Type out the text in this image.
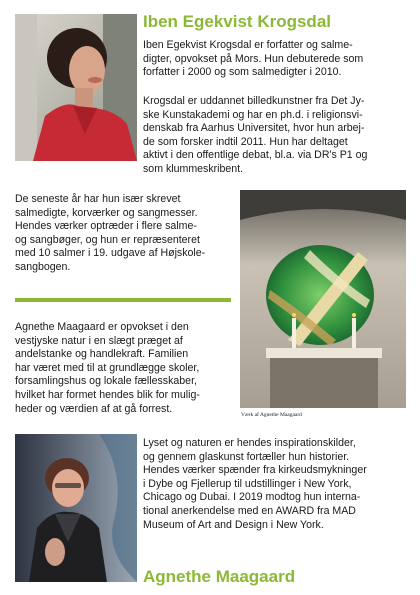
Iben Egekvist Krogsdal
Iben Egekvist Krogsdal er forfatter og salme-
digter, opvokset på Mors. Hun debuterede som
forfatter i 2000 og som salmedigter i 2010.
Krogsdal er uddannet billedkunstner fra Det Jy-
ske Kunstakademi og har en ph.d. i religionsvi-
denskab fra Aarhus Universitet, hvor hun arbej-
de som forsker indtil 2011. Hun har deltaget
aktivt i den offentlige debat, bl.a. via DR's P1 og
som klummeskribent.
De seneste år har hun især skrevet
salmedigte, korværker og sangmesser.
Hendes værker optræder i flere salme-
og sangbøger, og hun er repræsenteret
med 10 salmer i 19. udgave af Højskole-
sangbogen.
Værk af Agnethe Maagaard
Agnethe Maagaard er opvokset i den
vestjyske natur i en slægt præget af
andelstanke og handlekraft. Familien
har været med til at grundlægge skoler,
forsamlingshus og lokale fællesskaber,
hvilket har formet hendes blik for mulig-
heder og værdien af at gå forrest.
Lyset og naturen er hendes inspirationskilder,
og gennem glaskunst fortæller hun historier.
Hendes værker spænder fra kirkeudsmykninger
i Dybe og Fjellerup til udstillinger i New York,
Chicago og Dubai. I 2019 modtog hun interna-
tional anerkendelse med en AWARD fra MAD
Museum of Art and Design i New York.
Agnethe Maagaard
